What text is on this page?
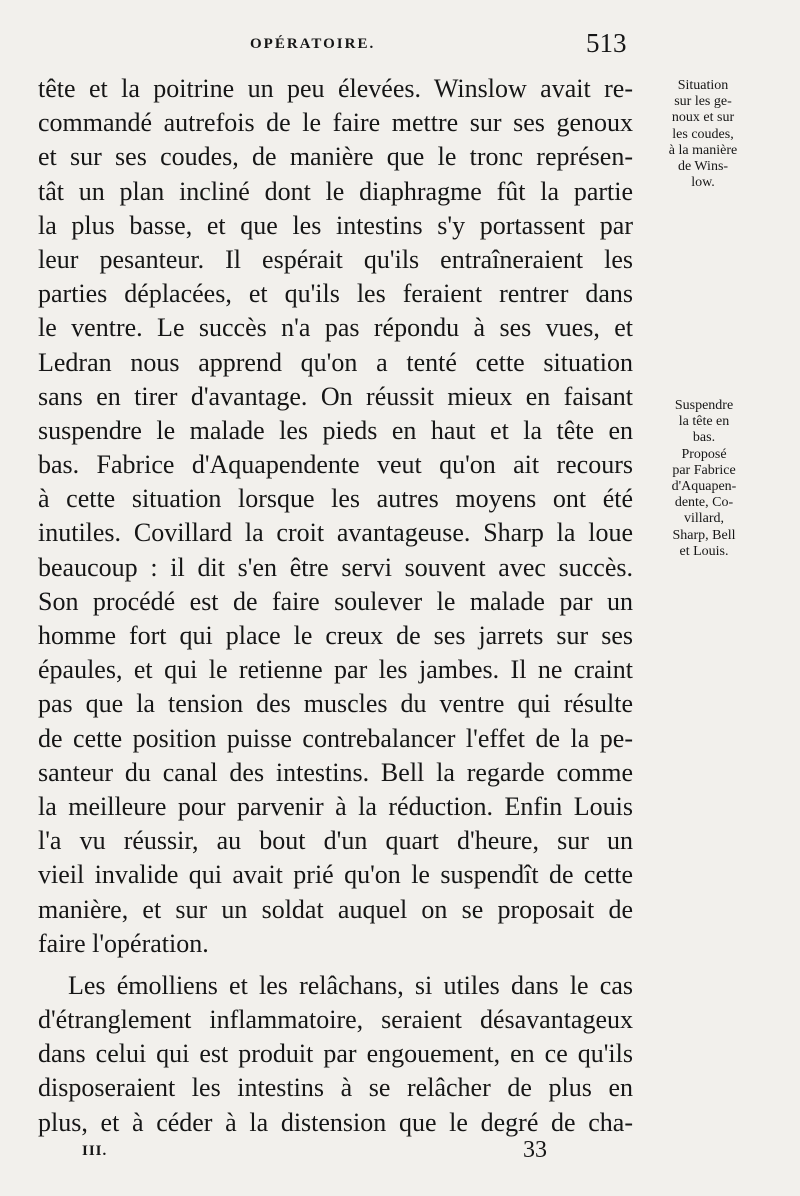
OPÉRATOIRE.	513
tête et la poitrine un peu élevées. Winslow avait re-
commandé autrefois de le faire mettre sur ses genoux
et sur ses coudes, de manière que le tronc représen-
tât un plan incliné dont le diaphragme fût la partie
la plus basse, et que les intestins s'y portassent par
leur pesanteur. Il espérait qu'ils entraîneraient les
parties déplacées, et qu'ils les feraient rentrer dans
le ventre. Le succès n'a pas répondu à ses vues, et
Ledran nous apprend qu'on a tenté cette situation
sans en tirer d'avantage. On réussit mieux en faisant
suspendre le malade les pieds en haut et la tête en
bas. Fabrice d'Aquapendente veut qu'on ait recours
à cette situation lorsque les autres moyens ont été
inutiles. Covillard la croit avantageuse. Sharp la loue
beaucoup : il dit s'en être servi souvent avec succès.
Son procédé est de faire soulever le malade par un
homme fort qui place le creux de ses jarrets sur ses
épaules, et qui le retienne par les jambes. Il ne craint
pas que la tension des muscles du ventre qui résulte
de cette position puisse contrebalancer l'effet de la pe-
santeur du canal des intestins. Bell la regarde comme
la meilleure pour parvenir à la réduction. Enfin Louis
l'a vu réussir, au bout d'un quart d'heure, sur un
vieil invalide qui avait prié qu'on le suspendît de cette
manière, et sur un soldat auquel on se proposait de
faire l'opération.
Les émolliens et les relâchans, si utiles dans le cas
d'étranglement inflammatoire, seraient désavantageux
dans celui qui est produit par engouement, en ce qu'ils
disposeraient les intestins à se relâcher de plus en
plus, et à céder à la distension que le degré de cha-
Situation
sur les ge-
noux et sur
les coudes,
à la manière
de Wins-
low.
Suspendre
la tête en
bas.
Proposé
par Fabrice
d'Aquapen-
dente, Co-
villard,
Sharp, Bell
et Louis.
III.	33
